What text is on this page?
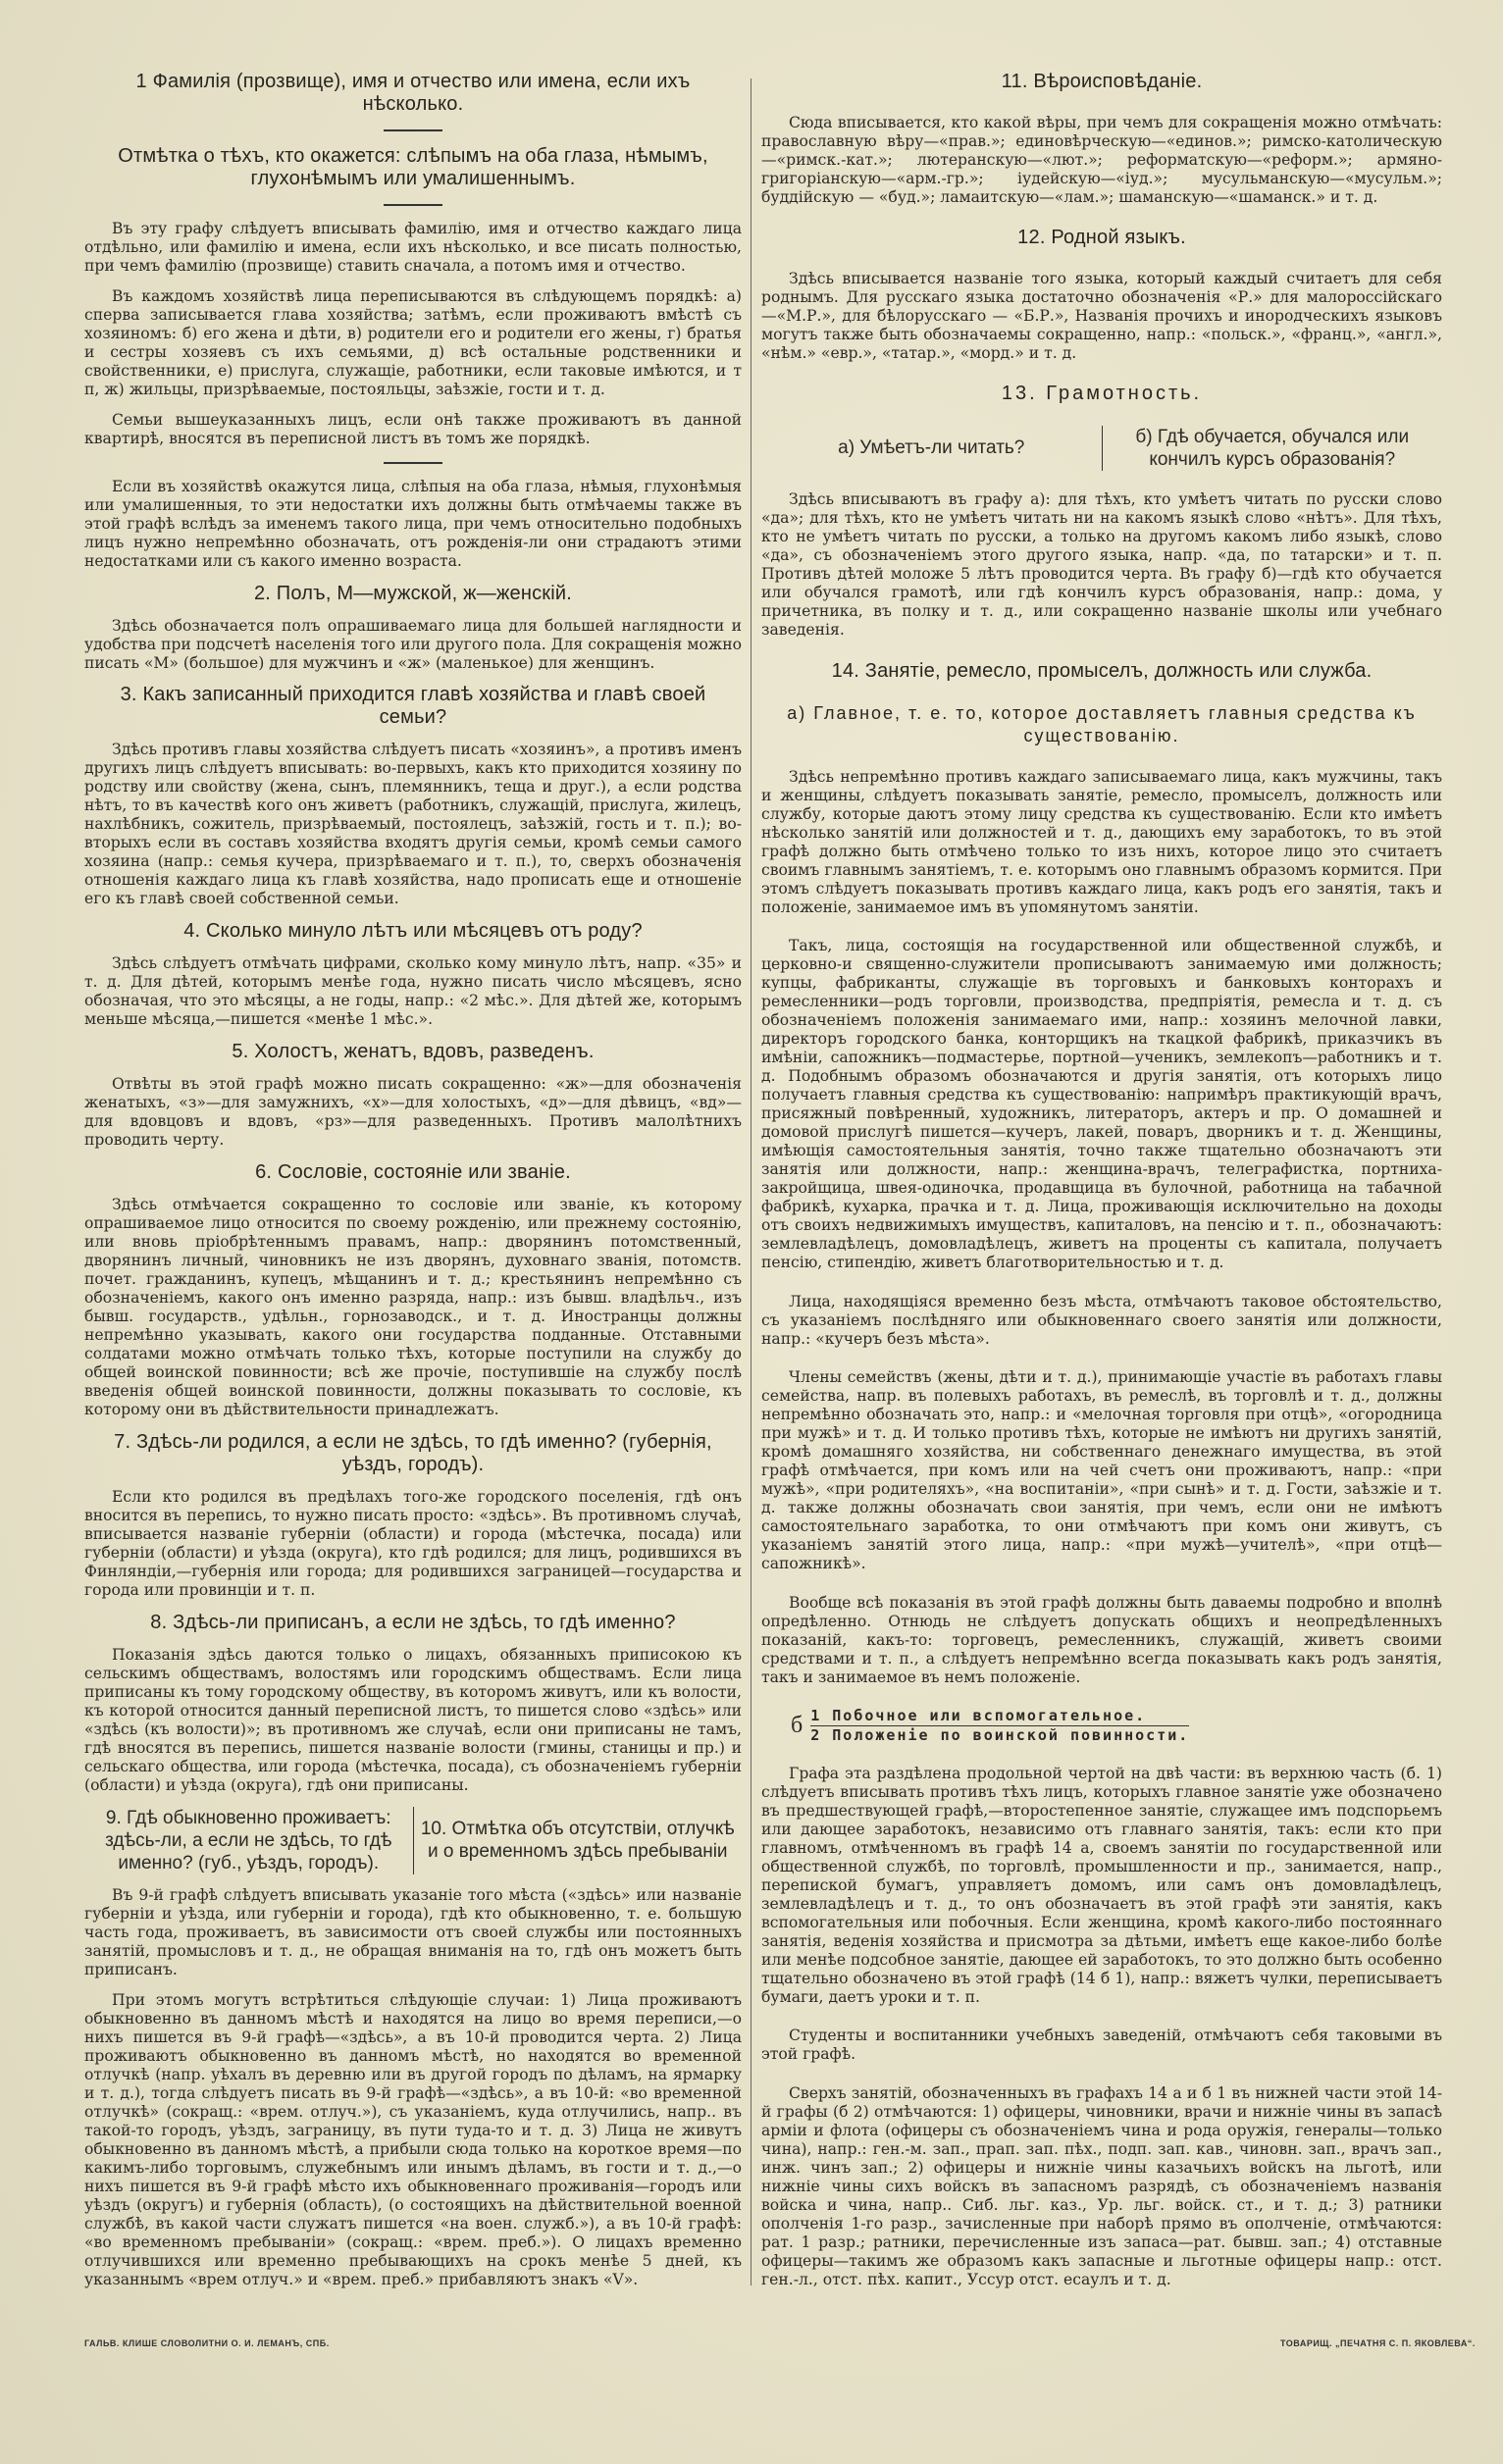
1 Фамилія (прозвище), имя и отчество или имена, если ихъ нѣсколько.
Отмѣтка о тѣхъ, кто окажется: слѣпымъ на оба глаза, нѣмымъ, глухонѣмымъ или умалишеннымъ.

Въ эту графу слѣдуетъ вписывать фамилію, имя и отчество каждаго лица отдѣльно, или фамилію и имена, если ихъ нѣсколько, и все писать полностью, при чемъ фамилію (прозвище) ставить сначала, а потомъ имя и отчество.

Въ каждомъ хозяйствѣ лица переписываются въ слѣдующемъ порядкѣ: а) сперва записывается глава хозяйства; затѣмъ, если проживаютъ вмѣстѣ съ хозяиномъ: б) его жена и дѣти, в) родители его и родители его жены, г) братья и сестры хозяевъ съ ихъ семьями, д) всѣ остальные родственники и свойственники, е) прислуга, служащіе, работники, если таковые имѣются, и т п, ж) жильцы, призрѣваемые, постояльцы, заѣзжіе, гости и т. д.

Семьи вышеуказанныхъ лицъ, если онѣ также проживаютъ въ данной квартирѣ, вносятся въ переписной листъ въ томъ же порядкѣ.

Если въ хозяйствѣ окажутся лица, слѣпыя на оба глаза, нѣмыя, глухонѣмыя или умалишенныя, то эти недостатки ихъ должны быть отмѣчаемы также въ этой графѣ вслѣдъ за именемъ такого лица, при чемъ относительно подобныхъ лицъ нужно непремѣнно обозначать, отъ рожденія-ли они страдаютъ этими недостатками или съ какого именно возраста.

2. Полъ, М—мужской, ж—женскій.

Здѣсь обозначается полъ опрашиваемаго лица для большей наглядности и удобства при подсчетѣ населенія того или другого пола. Для сокращенія можно писать «М» (большое) для мужчинъ и «ж» (маленькое) для женщинъ.

3. Какъ записанный приходится главѣ хозяйства и главѣ своей семьи?

Здѣсь противъ главы хозяйства слѣдуетъ писать «хозяинъ», а противъ именъ другихъ лицъ слѣдуетъ вписывать: во-первыхъ, какъ кто приходится хозяину по родству или свойству (жена, сынъ, племянникъ, теща и друг.), а если родства нѣтъ, то въ качествѣ кого онъ живетъ (работникъ, служащій, прислуга, жилецъ, нахлѣбникъ, сожитель, призрѣваемый, постоялецъ, заѣзжій, гость и т. п.); во-вторыхъ если въ составъ хозяйства входятъ другія семьи, кромѣ семьи самого хозяина (напр.: семья кучера, призрѣваемаго и т. п.), то, сверхъ обозначенія отношенія каждаго лица къ главѣ хозяйства, надо прописать еще и отношеніе его къ главѣ своей собственной семьи.

4. Сколько минуло лѣтъ или мѣсяцевъ отъ роду?

Здѣсь слѣдуетъ отмѣчать цифрами, сколько кому минуло лѣтъ, напр. «35» и т. д. Для дѣтей, которымъ менѣе года, нужно писать число мѣсяцевъ, ясно обозначая, что это мѣсяцы, а не годы, напр.: «2 мѣс.». Для дѣтей же, которымъ меньше мѣсяца,—пишется «менѣе 1 мѣс.».

5. Холостъ, женатъ, вдовъ, разведенъ.

Отвѣты въ этой графѣ можно писать сокращенно: «ж»—для обозначенія женатыхъ, «з»—для замужнихъ, «х»—для холостыхъ, «д»—для дѣвицъ, «вд»—для вдовцовъ и вдовъ, «рз»—для разведенныхъ. Противъ малолѣтнихъ проводить черту.

6. Сословіе, состояніе или званіе.

Здѣсь отмѣчается сокращенно то сословіе или званіе, къ которому опрашиваемое лицо относится по своему рожденію, или прежнему состоянію, или вновь пріобрѣтеннымъ правамъ, напр.: дворянинъ потомственный, дворянинъ личный, чиновникъ не изъ дворянъ, духовнаго званія, потомств. почет. гражданинъ, купецъ, мѣщанинъ и т. д.; крестьянинъ непремѣнно съ обозначеніемъ, какого онъ именно разряда, напр.: изъ бывш. владѣльч., изъ бывш. государств., удѣльн., горнозаводск., и т. д. Иностранцы должны непремѣнно указывать, какого они государства подданные. Отставными солдатами можно отмѣчать только тѣхъ, которые поступили на службу до общей воинской повинности; всѣ же прочіе, поступившіе на службу послѣ введенія общей воинской повинности, должны показывать то сословіе, къ которому они въ дѣйствительности принадлежатъ.

7. Здѣсь-ли родился, а если не здѣсь, то гдѣ именно? (губернія, уѣздъ, городъ).

Если кто родился въ предѣлахъ того-же городского поселенія, гдѣ онъ вносится въ перепись, то нужно писать просто: «здѣсь». Въ противномъ случаѣ, вписывается названіе губерніи (области) и города (мѣстечка, посада) или губерніи (области) и уѣзда (округа), кто гдѣ родился; для лицъ, родившихся въ Финляндіи,—губернія или города; для родившихся заграницей—государства и города или провинціи и т. п.

8. Здѣсь-ли приписанъ, а если не здѣсь, то гдѣ именно?

Показанія здѣсь даются только о лицахъ, обязанныхъ приписокою къ сельскимъ обществамъ, волостямъ или городскимъ обществамъ. Если лица приписаны къ тому городскому обществу, въ которомъ живутъ, или къ волости, къ которой относится данный переписной листъ, то пишется слово «здѣсь» или «здѣсь (къ волости)»; въ противномъ же случаѣ, если они приписаны не тамъ, гдѣ вносятся въ перепись, пишется названіе волости (гмины, станицы и пр.) и сельскаго общества, или города (мѣстечка, посада), съ обозначеніемъ губерніи (области) и уѣзда (округа), гдѣ они приписаны.

9. Гдѣ обыкновенно проживаетъ: здѣсь-ли, а если не здѣсь, то гдѣ именно? (губ., уѣздъ, городъ).
10. Отмѣтка объ отсутствіи, отлучкѣ и о временномъ здѣсь пребываніи

Въ 9-й графѣ слѣдуетъ вписывать указаніе того мѣста («здѣсь» или названіе губерніи и уѣзда, или губерніи и города), гдѣ кто обыкновенно, т. е. большую часть года, проживаетъ, въ зависимости отъ своей службы или постоянныхъ занятій, промысловъ и т. д., не обращая вниманія на то, гдѣ онъ можетъ быть приписанъ.

При этомъ могутъ встрѣтиться слѣдующіе случаи: 1) Лица проживаютъ обыкновенно въ данномъ мѣстѣ и находятся на лицо во время переписи,—о нихъ пишется въ 9-й графѣ—«здѣсь», а въ 10-й проводится черта. 2) Лица проживаютъ обыкновенно въ данномъ мѣстѣ, но находятся во временной отлучкѣ (напр. уѣхалъ въ деревню или въ другой городъ по дѣламъ, на ярмарку и т. д.), тогда слѣдуетъ писать въ 9-й графѣ—«здѣсь», а въ 10-й: «во временной отлучкѣ» (сокращ.: «врем. отлуч.»), съ указаніемъ, куда отлучились, напр.. въ такой-то городъ, уѣздъ, заграницу, въ пути туда-то и т. д. 3) Лица не живутъ обыкновенно въ данномъ мѣстѣ, а прибыли сюда только на короткое время—по какимъ-либо торговымъ, служебнымъ или инымъ дѣламъ, въ гости и т. д.,—о нихъ пишется въ 9-й графѣ мѣсто ихъ обыкновеннаго проживанія—городъ или уѣздъ (округъ) и губернія (область), (о состоящихъ на дѣйствительной военной службѣ, въ какой части служатъ пишется «на воен. служб.»), а въ 10-й графѣ: «во временномъ пребываніи» (сокращ.: «врем. преб.»). О лицахъ временно отлучившихся или временно пребывающихъ на срокъ менѣе 5 дней, къ указаннымъ «врем отлуч.» и «врем. преб.» прибавляютъ знакъ «V».

11. Вѣроисповѣданіе.

Сюда вписывается, кто какой вѣры, при чемъ для сокращенія можно отмѣчать: православную вѣру—«прав.»; единовѣрческую—«единов.»; римско-католическую—«римск.-кат.»; лютеранскую—«лют.»; реформатскую—«реформ.»; армяно-григоріанскую—«арм.-гр.»; іудейскую—«іуд.»; мусульманскую—«мусульм.»; буддійскую — «буд.»; ламаитскую—«лам.»; шаманскую—«шаманск.» и т. д.

12. Родной языкъ.

Здѣсь вписывается названіе того языка, который каждый считаетъ для себя роднымъ. Для русскаго языка достаточно обозначенія «Р.» для малороссійскаго—«М.Р.», для бѣлорусскаго — «Б.Р.», Названія прочихъ и инородческихъ языковъ могутъ также быть обозначаемы сокращенно, напр.: «польск.», «франц.», «англ.», «нѣм.» «евр.», «татар.», «морд.» и т. д.

13. Грамотность.
а) Умѣетъ-ли читать?
б) Гдѣ обучается, обучался или кончилъ курсъ образованія?

Здѣсь вписываютъ въ графу а): для тѣхъ, кто умѣетъ читать по русски слово «да»; для тѣхъ, кто не умѣетъ читать ни на какомъ языкѣ слово «нѣтъ». Для тѣхъ, кто не умѣетъ читать по русски, а только на другомъ какомъ либо языкѣ, слово «да», съ обозначеніемъ этого другого языка, напр. «да, по татарски» и т. п. Противъ дѣтей моложе 5 лѣтъ проводится черта. Въ графу б)—гдѣ кто обучается или обучался грамотѣ, или гдѣ кончилъ курсъ образованія, напр.: дома, у причетника, въ полку и т. д., или сокращенно названіе школы или учебнаго заведенія.

14. Занятіе, ремесло, промыселъ, должность или служба.
а) Главное, т. е. то, которое доставляетъ главныя средства къ существованію.

Здѣсь непремѣнно противъ каждаго записываемаго лица, какъ мужчины, такъ и женщины, слѣдуетъ показывать занятіе, ремесло, промыселъ, должность или службу, которые даютъ этому лицу средства къ существованію. Если кто имѣетъ нѣсколько занятій или должностей и т. д., дающихъ ему заработокъ, то въ этой графѣ должно быть отмѣчено только то изъ нихъ, которое лицо это считаетъ своимъ главнымъ занятіемъ, т. е. которымъ оно главнымъ образомъ кормится. При этомъ слѣдуетъ показывать противъ каждаго лица, какъ родъ его занятія, такъ и положеніе, занимаемое имъ въ упомянутомъ занятіи.

Такъ, лица, состоящія на государственной или общественной службѣ, и церковно-и священно-служители прописываютъ занимаемую ими должность; купцы, фабриканты, служащіе въ торговыхъ и банковыхъ конторахъ и ремесленники—родъ торговли, производства, предпріятія, ремесла и т. д. съ обозначеніемъ положенія занимаемаго ими, напр.: хозяинъ мелочной лавки, директоръ городского банка, конторщикъ на ткацкой фабрикѣ, приказчикъ въ имѣніи, сапожникъ—подмастерье, портной—ученикъ, землекопъ—работникъ и т. д. Подобнымъ образомъ обозначаются и другія занятія, отъ которыхъ лицо получаетъ главныя средства къ существованію: напримѣръ практикующій врачъ, присяжный повѣренный, художникъ, литераторъ, актеръ и пр. О домашней и домовой прислугѣ пишется—кучеръ, лакей, поваръ, дворникъ и т. д. Женщины, имѣющія самостоятельныя занятія, точно также тщательно обозначаютъ эти занятія или должности, напр.: женщина-врачъ, телеграфистка, портниха-закройщица, швея-одиночка, продавщица въ булочной, работница на табачной фабрикѣ, кухарка, прачка и т. д. Лица, проживающія исключительно на доходы отъ своихъ недвижимыхъ имуществъ, капиталовъ, на пенсію и т. п., обозначаютъ: землевладѣлецъ, домовладѣлецъ, живетъ на проценты съ капитала, получаетъ пенсію, стипендію, живетъ благотворительностью и т. д.

Лица, находящіяся временно безъ мѣста, отмѣчаютъ таковое обстоятельство, съ указаніемъ послѣдняго или обыкновеннаго своего занятія или должности, напр.: «кучеръ безъ мѣста».

Члены семействъ (жены, дѣти и т. д.), принимающіе участіе въ работахъ главы семейства, напр. въ полевыхъ работахъ, въ ремеслѣ, въ торговлѣ и т. д., должны непремѣнно обозначать это, напр.: и «мелочная торговля при отцѣ», «огородница при мужѣ» и т. д. И только противъ тѣхъ, которые не имѣютъ ни другихъ занятій, кромѣ домашняго хозяйства, ни собственнаго денежнаго имущества, въ этой графѣ отмѣчается, при комъ или на чей счетъ они проживаютъ, напр.: «при мужѣ», «при родителяхъ», «на воспитаніи», «при сынѣ» и т. д. Гости, заѣзжіе и т. д. также должны обозначать свои занятія, при чемъ, если они не имѣютъ самостоятельнаго заработка, то они отмѣчаютъ при комъ они живутъ, съ указаніемъ занятій этого лица, напр.: «при мужѣ—учителѣ», «при отцѣ—сапожникѣ».

Вообще всѣ показанія въ этой графѣ должны быть даваемы подробно и вполнѣ опредѣленно. Отнюдь не слѣдуетъ допускать общихъ и неопредѣленныхъ показаній, какъ-то: торговецъ, ремесленникъ, служащій, живетъ своими средствами и т. п., а слѣдуетъ непремѣнно всегда показывать какъ родъ занятія, такъ и занимаемое въ немъ положеніе.

б 1 Побочное или вспомогательное.
2 Положеніе по воинской повинности.

Графа эта раздѣлена продольной чертой на двѣ части: въ верхнюю часть (б. 1) слѣдуетъ вписывать противъ тѣхъ лицъ, которыхъ главное занятіе уже обозначено въ предшествующей графѣ,—второстепенное занятіе, служащее имъ подспорьемъ или дающее заработокъ, независимо отъ главнаго занятія, такъ: если кто при главномъ, отмѣченномъ въ графѣ 14 а, своемъ занятіи по государственной или общественной службѣ, по торговлѣ, промышленности и пр., занимается, напр., перепиской бумагъ, управляетъ домомъ, или самъ онъ домовладѣлецъ, землевладѣлецъ и т. д., то онъ обозначаетъ въ этой графѣ эти занятія, какъ вспомогательныя или побочныя. Если женщина, кромѣ какого-либо постояннаго занятія, веденія хозяйства и присмотра за дѣтьми, имѣетъ еще какое-либо болѣе или менѣе подсобное занятіе, дающее ей заработокъ, то это должно быть особенно тщательно обозначено въ этой графѣ (14 б 1), напр.: вяжетъ чулки, переписываетъ бумаги, даетъ уроки и т. п.

Студенты и воспитанники учебныхъ заведеній, отмѣчаютъ себя таковыми въ этой графѣ.

Сверхъ занятій, обозначенныхъ въ графахъ 14 а и б 1 въ нижней части этой 14-й графы (б 2) отмѣчаются: 1) офицеры, чиновники, врачи и нижніе чины въ запасѣ арміи и флота (офицеры съ обозначеніемъ чина и рода оружія, генералы—только чина), напр.: ген.-м. зап., прап. зап. пѣх., подп. зап. кав., чиновн. зап., врачъ зап., инж. чинъ зап.; 2) офицеры и нижніе чины казачьихъ войскъ на льготѣ, или нижніе чины сихъ войскъ въ запасномъ разрядѣ, съ обозначеніемъ названія войска и чина, напр.. Сиб. льг. каз., Ур. льг. войск. ст., и т. д.; 3) ратники ополченія 1-го разр., зачисленные при наборѣ прямо въ ополченіе, отмѣчаются: рат. 1 разр.; ратники, перечисленные изъ запаса—рат. бывш. зап.; 4) отставные офицеры—такимъ же образомъ какъ запасные и льготные офицеры напр.: отст. ген.-л., отст. пѣх. капит., Уссур отст. есаулъ и т. д.

ГАЛЬВ. КЛИШЕ СЛОВОЛИТНИ О. И. ЛЕМАНЪ, СПБ.	ТОВАРИЩ. „ПЕЧАТНЯ С. П. ЯКОВЛЕВА“.
